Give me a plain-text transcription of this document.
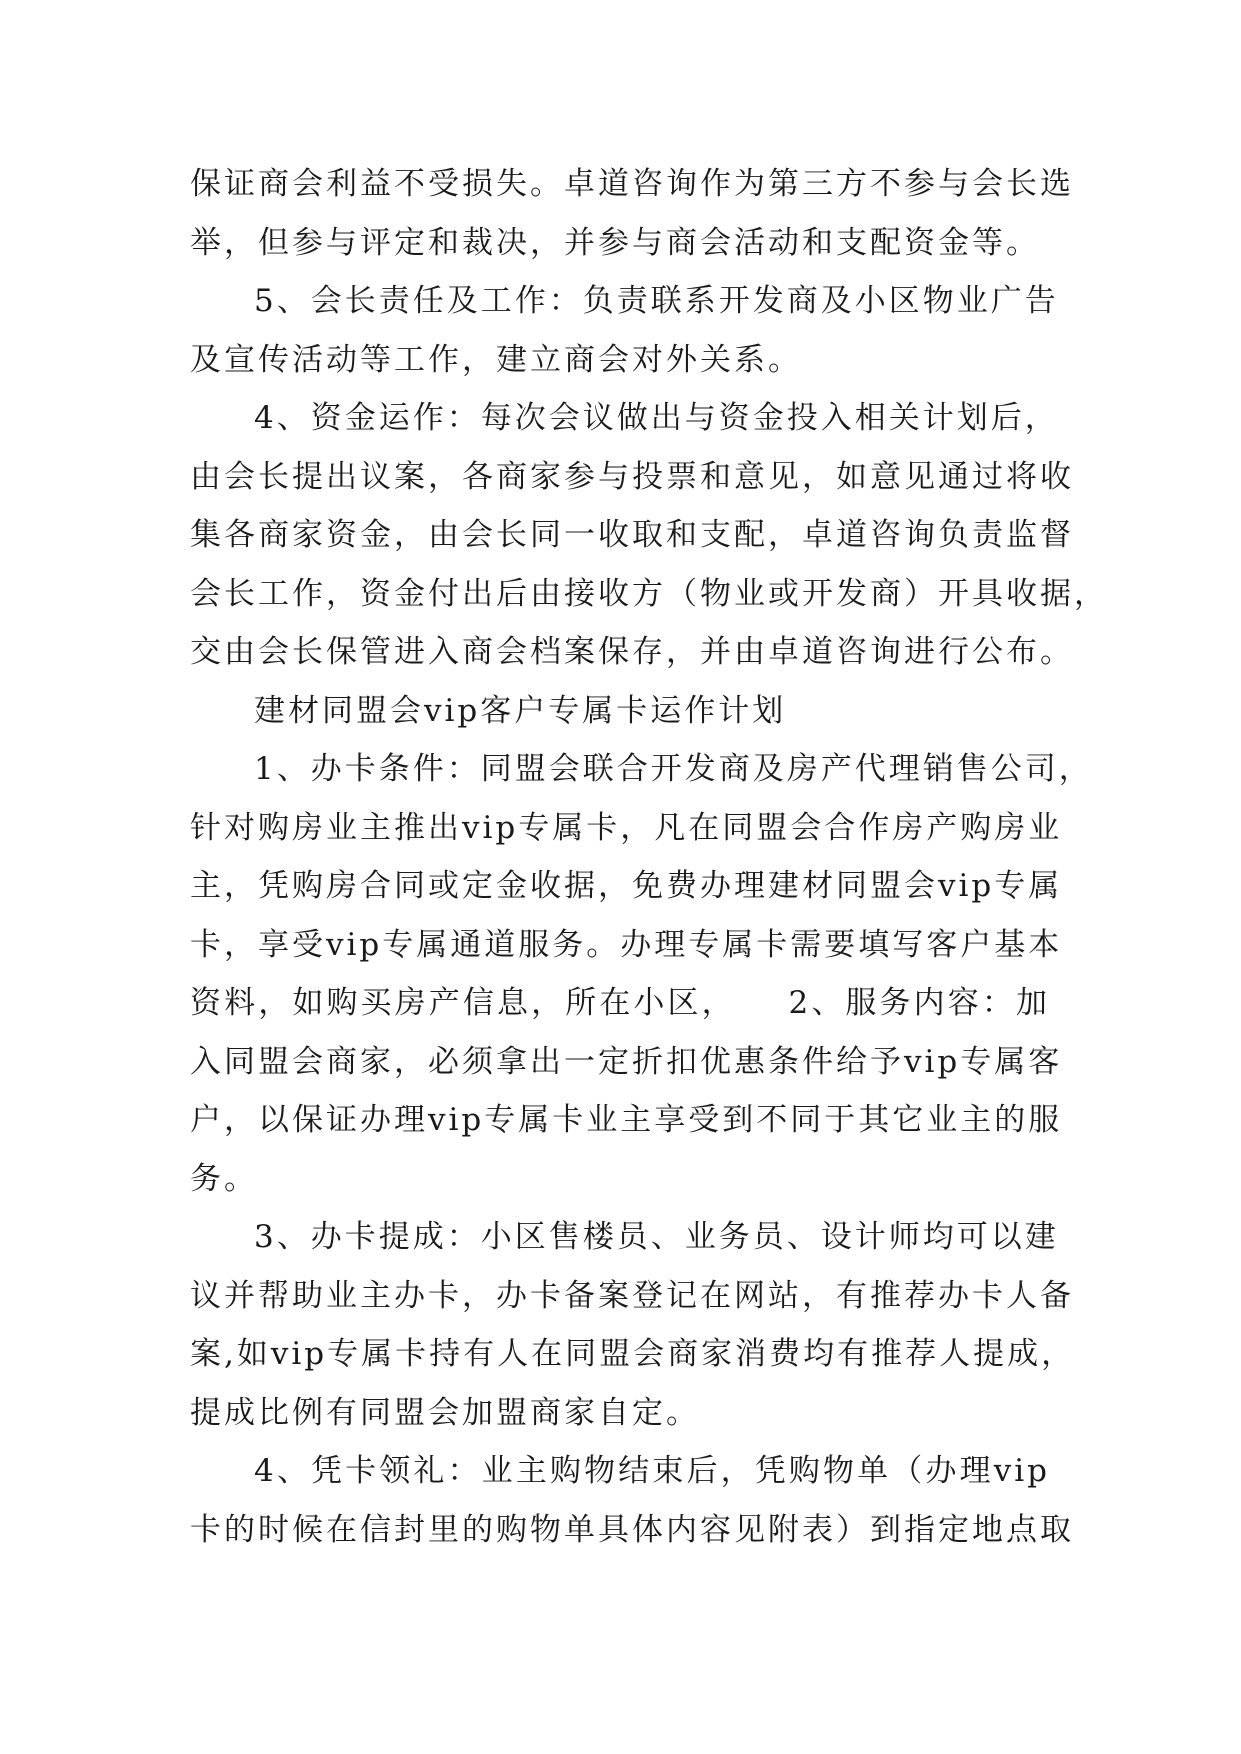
保证商会利益不受损失。卓道咨询作为第三方不参与会长选
举，但参与评定和裁决，并参与商会活动和支配资金等。
5、会长责任及工作：负责联系开发商及小区物业广告
及宣传活动等工作，建立商会对外关系。
4、资金运作：每次会议做出与资金投入相关计划后，
由会长提出议案，各商家参与投票和意见，如意见通过将收
集各商家资金，由会长同一收取和支配，卓道咨询负责监督
会长工作，资金付出后由接收方（物业或开发商）开具收据，
交由会长保管进入商会档案保存，并由卓道咨询进行公布。
建材同盟会vip客户专属卡运作计划
1、办卡条件：同盟会联合开发商及房产代理销售公司，
针对购房业主推出vip专属卡，凡在同盟会合作房产购房业
主，凭购房合同或定金收据，免费办理建材同盟会vip专属
卡，享受vip专属通道服务。办理专属卡需要填写客户基本
资料，如购买房产信息，所在小区，　　2、服务内容：加
入同盟会商家，必须拿出一定折扣优惠条件给予vip专属客
户，以保证办理vip专属卡业主享受到不同于其它业主的服
务。
3、办卡提成：小区售楼员、业务员、设计师均可以建
议并帮助业主办卡，办卡备案登记在网站，有推荐办卡人备
案,如vip专属卡持有人在同盟会商家消费均有推荐人提成，
提成比例有同盟会加盟商家自定。
4、凭卡领礼：业主购物结束后，凭购物单（办理vip
卡的时候在信封里的购物单具体内容见附表）到指定地点取
